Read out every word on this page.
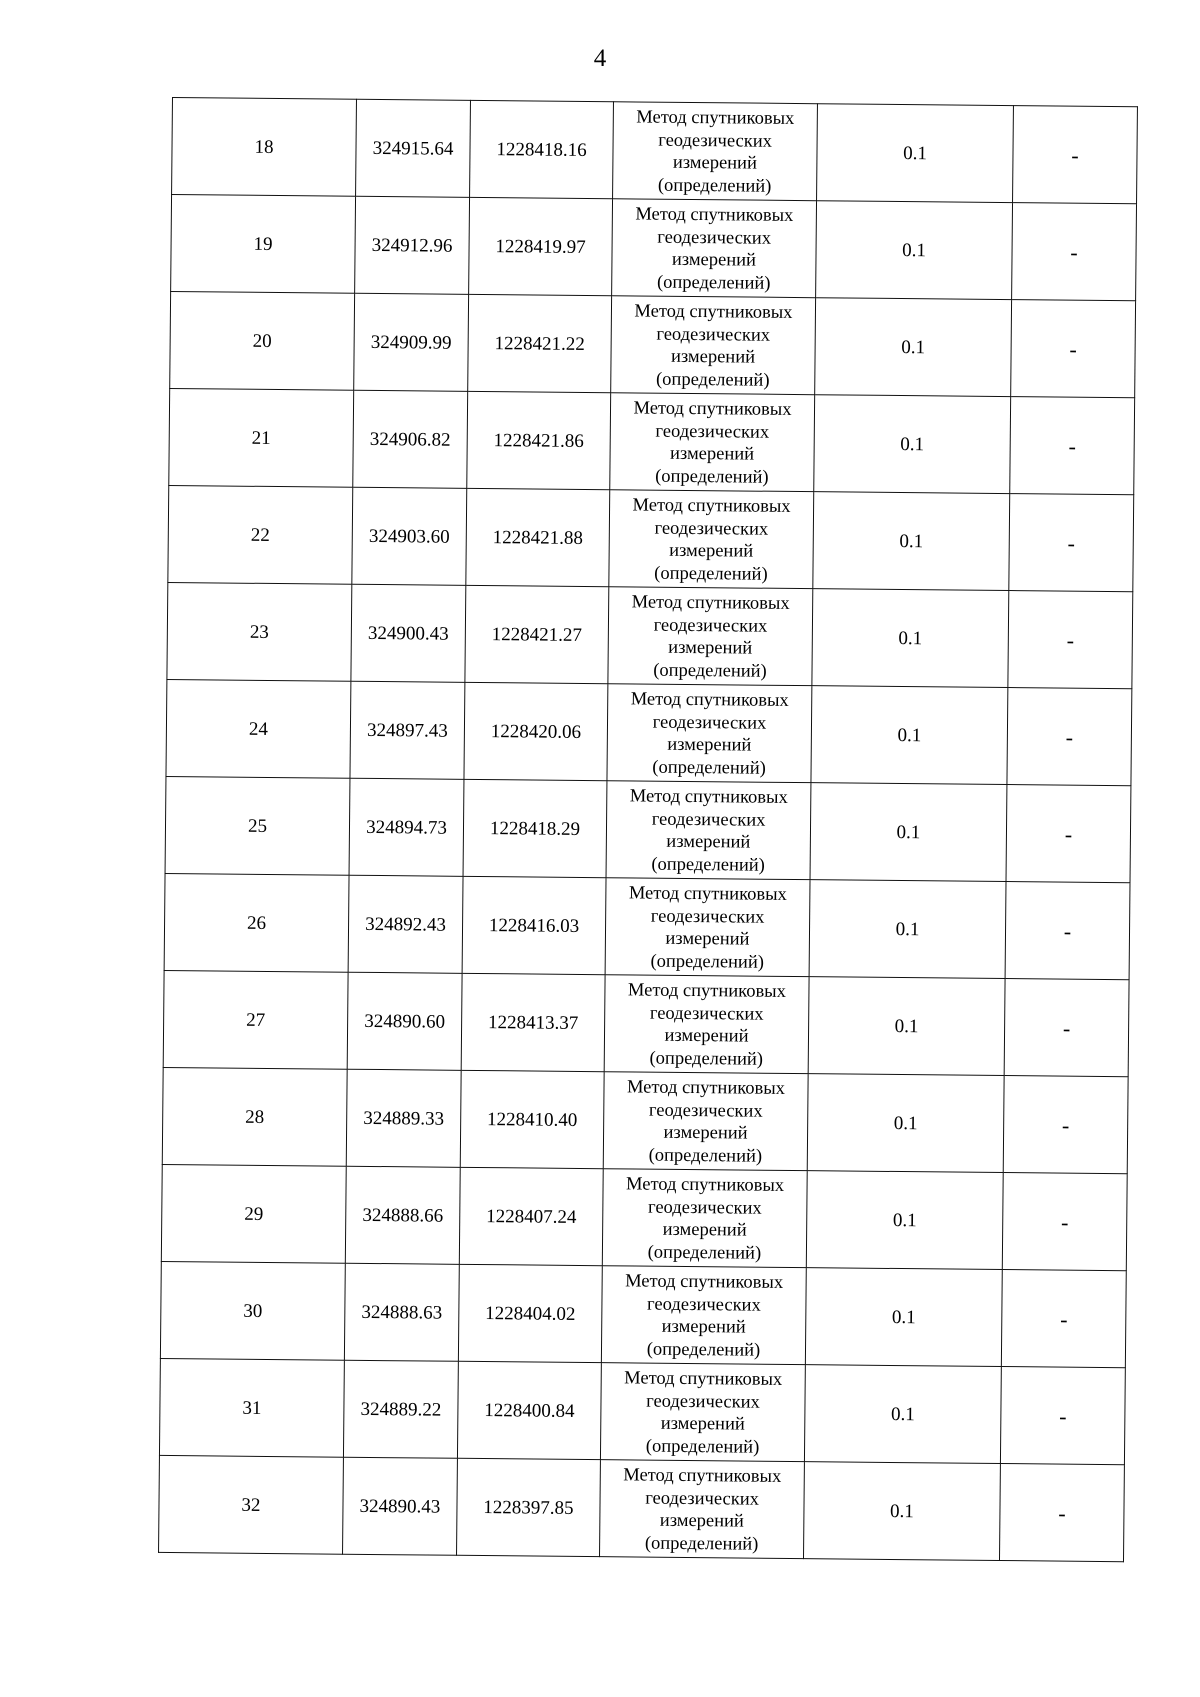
4
18	324915.64	1228418.16	Метод спутниковых
геодезических
измерений
(определений)	0.1	-
19	324912.96	1228419.97	Метод спутниковых
геодезических
измерений
(определений)	0.1	-
20	324909.99	1228421.22	Метод спутниковых
геодезических
измерений
(определений)	0.1	-
21	324906.82	1228421.86	Метод спутниковых
геодезических
измерений
(определений)	0.1	-
22	324903.60	1228421.88	Метод спутниковых
геодезических
измерений
(определений)	0.1	-
23	324900.43	1228421.27	Метод спутниковых
геодезических
измерений
(определений)	0.1	-
24	324897.43	1228420.06	Метод спутниковых
геодезических
измерений
(определений)	0.1	-
25	324894.73	1228418.29	Метод спутниковых
геодезических
измерений
(определений)	0.1	-
26	324892.43	1228416.03	Метод спутниковых
геодезических
измерений
(определений)	0.1	-
27	324890.60	1228413.37	Метод спутниковых
геодезических
измерений
(определений)	0.1	-
28	324889.33	1228410.40	Метод спутниковых
геодезических
измерений
(определений)	0.1	-
29	324888.66	1228407.24	Метод спутниковых
геодезических
измерений
(определений)	0.1	-
30	324888.63	1228404.02	Метод спутниковых
геодезических
измерений
(определений)	0.1	-
31	324889.22	1228400.84	Метод спутниковых
геодезических
измерений
(определений)	0.1	-
32	324890.43	1228397.85	Метод спутниковых
геодезических
измерений
(определений)	0.1	-
